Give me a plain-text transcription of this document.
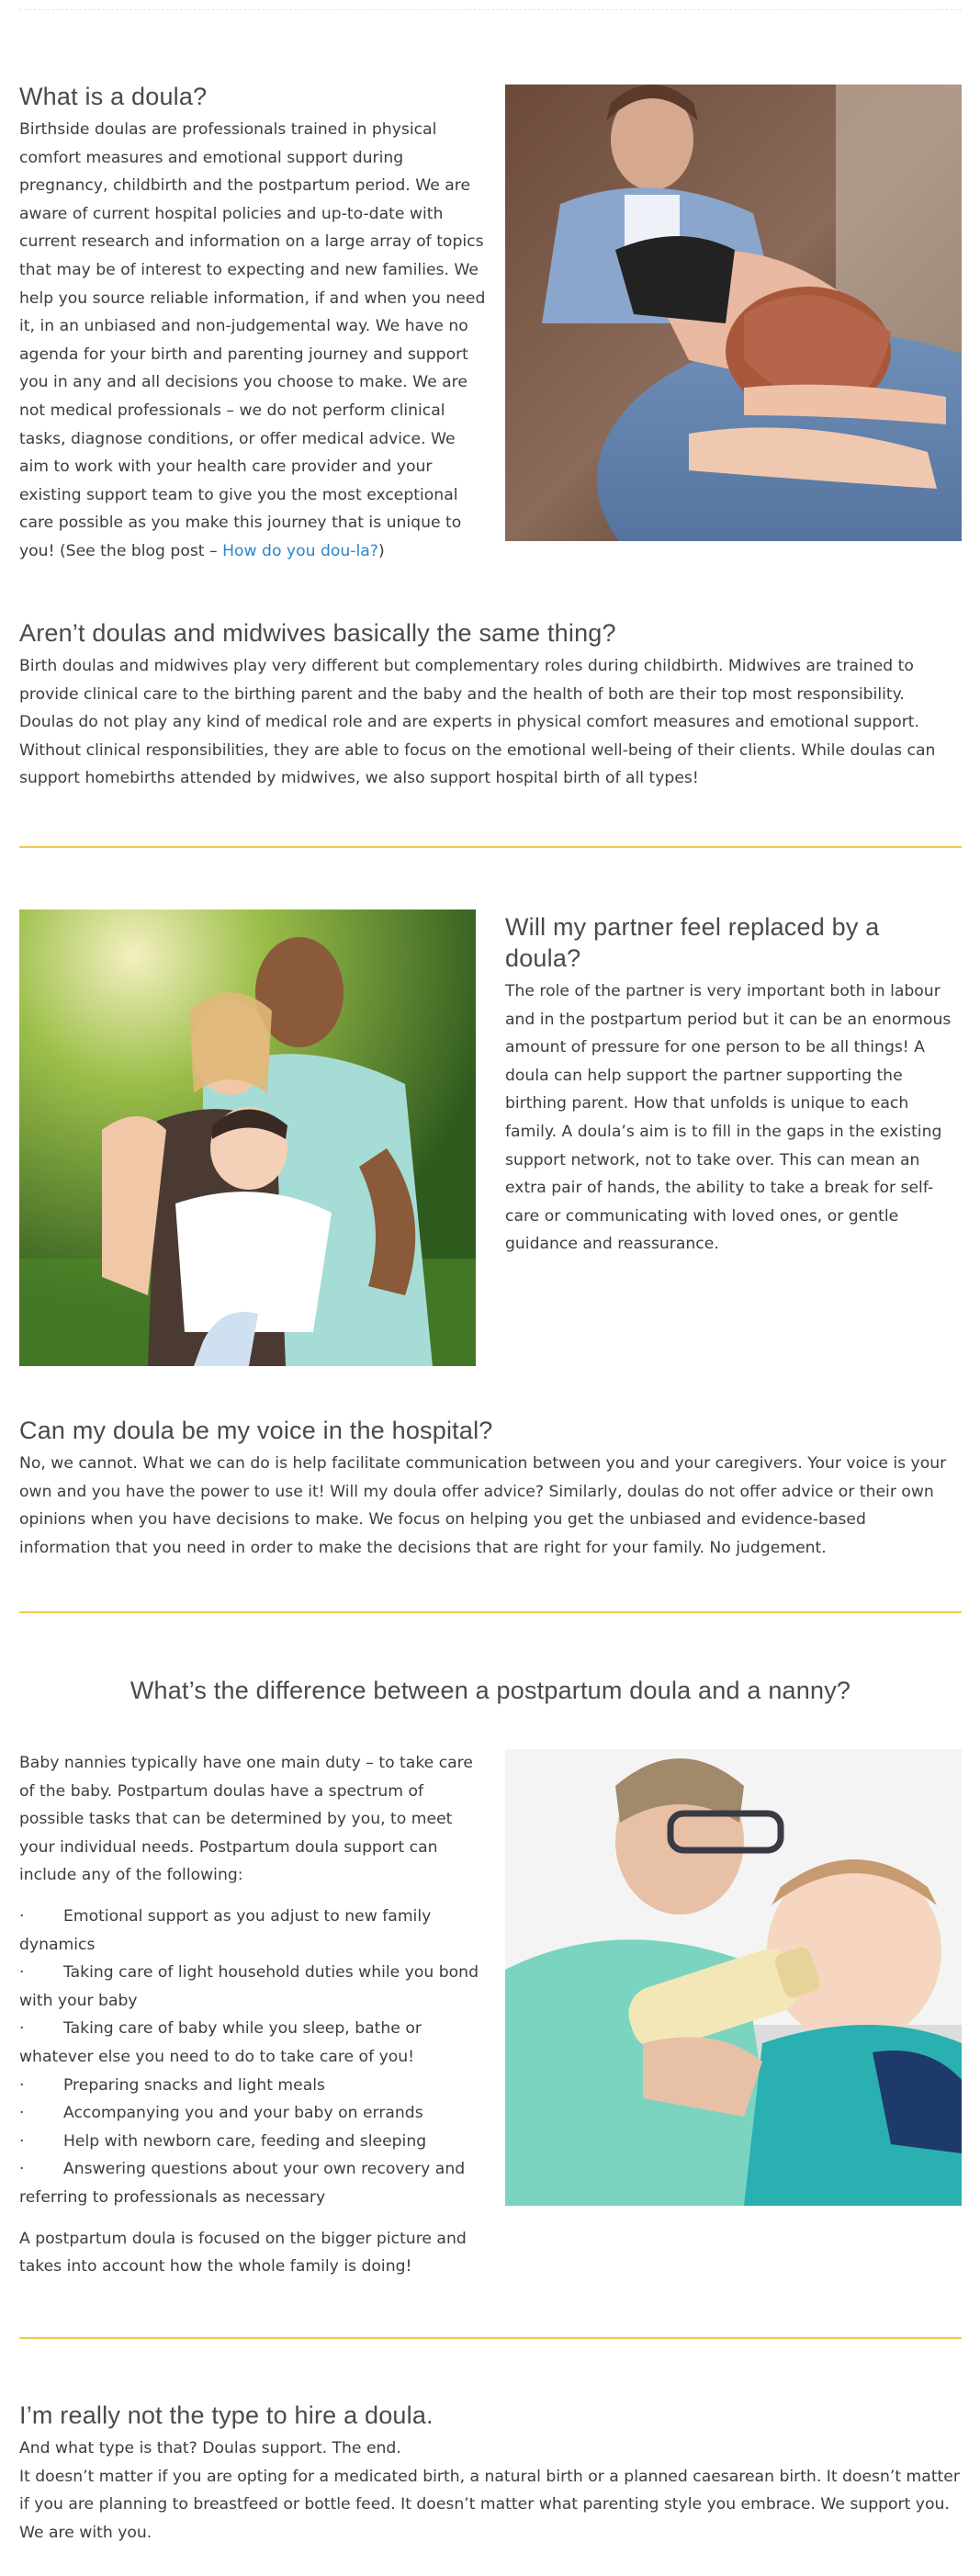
What is a doula?

Birthside doulas are professionals trained in physical comfort measures and emotional support during pregnancy, childbirth and the postpartum period. We are aware of current hospital policies and up-to-date with current research and information on a large array of topics that may be of interest to expecting and new families. We help you source reliable information, if and when you need it, in an unbiased and non-judgemental way. We have no agenda for your birth and parenting journey and support you in any and all decisions you choose to make. We are not medical professionals – we do not perform clinical tasks, diagnose conditions, or offer medical advice. We aim to work with your health care provider and your existing support team to give you the most exceptional care possible as you make this journey that is unique to you! (See the blog post – How do you dou-la?)

Aren’t doulas and midwives basically the same thing?

Birth doulas and midwives play very different but complementary roles during childbirth. Midwives are trained to provide clinical care to the birthing parent and the baby and the health of both are their top most responsibility. Doulas do not play any kind of medical role and are experts in physical comfort measures and emotional support. Without clinical responsibilities, they are able to focus on the emotional well-being of their clients. While doulas can support homebirths attended by midwives, we also support hospital birth of all types!

Will my partner feel replaced by a doula?

The role of the partner is very important both in labour and in the postpartum period but it can be an enormous amount of pressure for one person to be all things! A doula can help support the partner supporting the birthing parent. How that unfolds is unique to each family. A doula’s aim is to fill in the gaps in the existing support network, not to take over. This can mean an extra pair of hands, the ability to take a break for self-care or communicating with loved ones, or gentle guidance and reassurance.

Can my doula be my voice in the hospital?

No, we cannot. What we can do is help facilitate communication between you and your caregivers. Your voice is your own and you have the power to use it! Will my doula offer advice? Similarly, doulas do not offer advice or their own opinions when you have decisions to make. We focus on helping you get the unbiased and evidence-based information that you need in order to make the decisions that are right for your family. No judgement.

What’s the difference between a postpartum doula and a nanny?

Baby nannies typically have one main duty – to take care of the baby. Postpartum doulas have a spectrum of possible tasks that can be determined by you, to meet your individual needs. Postpartum doula support can include any of the following:

· Emotional support as you adjust to new family dynamics
· Taking care of light household duties while you bond with your baby
· Taking care of baby while you sleep, bathe or whatever else you need to do to take care of you!
· Preparing snacks and light meals
· Accompanying you and your baby on errands
· Help with newborn care, feeding and sleeping
· Answering questions about your own recovery and referring to professionals as necessary

A postpartum doula is focused on the bigger picture and takes into account how the whole family is doing!

I’m really not the type to hire a doula.

And what type is that? Doulas support. The end.

It doesn’t matter if you are opting for a medicated birth, a natural birth or a planned caesarean birth. It doesn’t matter if you are planning to breastfeed or bottle feed. It doesn’t matter what parenting style you embrace. We support you. We are with you.
